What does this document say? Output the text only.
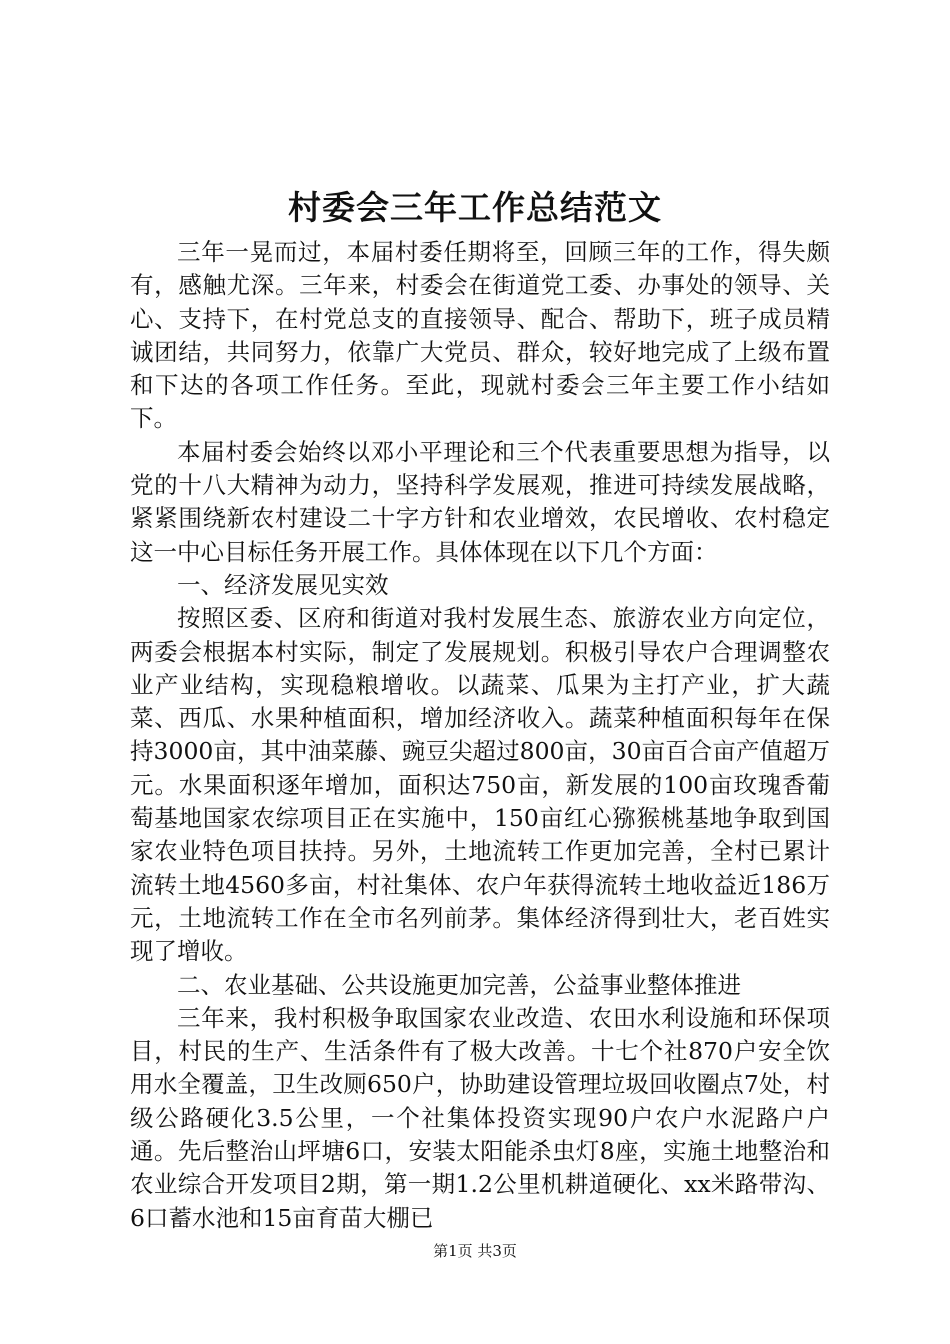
村委会三年工作总结范文

三年一晃而过，本届村委任期将至，回顾三年的工作，得失颇有，感触尤深。三年来，村委会在街道党工委、办事处的领导、关心、支持下，在村党总支的直接领导、配合、帮助下，班子成员精诚团结，共同努力，依靠广大党员、群众，较好地完成了上级布置和下达的各项工作任务。至此，现就村委会三年主要工作小结如下。

本届村委会始终以邓小平理论和三个代表重要思想为指导，以党的十八大精神为动力，坚持科学发展观，推进可持续发展战略，紧紧围绕新农村建设二十字方针和农业增效，农民增收、农村稳定这一中心目标任务开展工作。具体体现在以下几个方面：

一、经济发展见实效

按照区委、区府和街道对我村发展生态、旅游农业方向定位，两委会根据本村实际，制定了发展规划。积极引导农户合理调整农业产业结构，实现稳粮增收。以蔬菜、瓜果为主打产业，扩大蔬菜、西瓜、水果种植面积，增加经济收入。蔬菜种植面积每年在保持3000亩，其中油菜藤、豌豆尖超过800亩，30亩百合亩产值超万元。水果面积逐年增加，面积达750亩，新发展的100亩玫瑰香葡萄基地国家农综项目正在实施中，150亩红心猕猴桃基地争取到国家农业特色项目扶持。另外，土地流转工作更加完善，全村已累计流转土地4560多亩，村社集体、农户年获得流转土地收益近186万元，土地流转工作在全市名列前茅。集体经济得到壮大，老百姓实现了增收。

二、农业基础、公共设施更加完善，公益事业整体推进

三年来，我村积极争取国家农业改造、农田水利设施和环保项目，村民的生产、生活条件有了极大改善。十七个社870户安全饮用水全覆盖，卫生改厕650户，协助建设管理垃圾回收圈点7处，村级公路硬化3.5公里，一个社集体投资实现90户农户水泥路户户通。先后整治山坪塘6口，安装太阳能杀虫灯8座，实施土地整治和农业综合开发项目2期，第一期1.2公里机耕道硬化、xx米路带沟、6口蓄水池和15亩育苗大棚已

第1页 共3页
